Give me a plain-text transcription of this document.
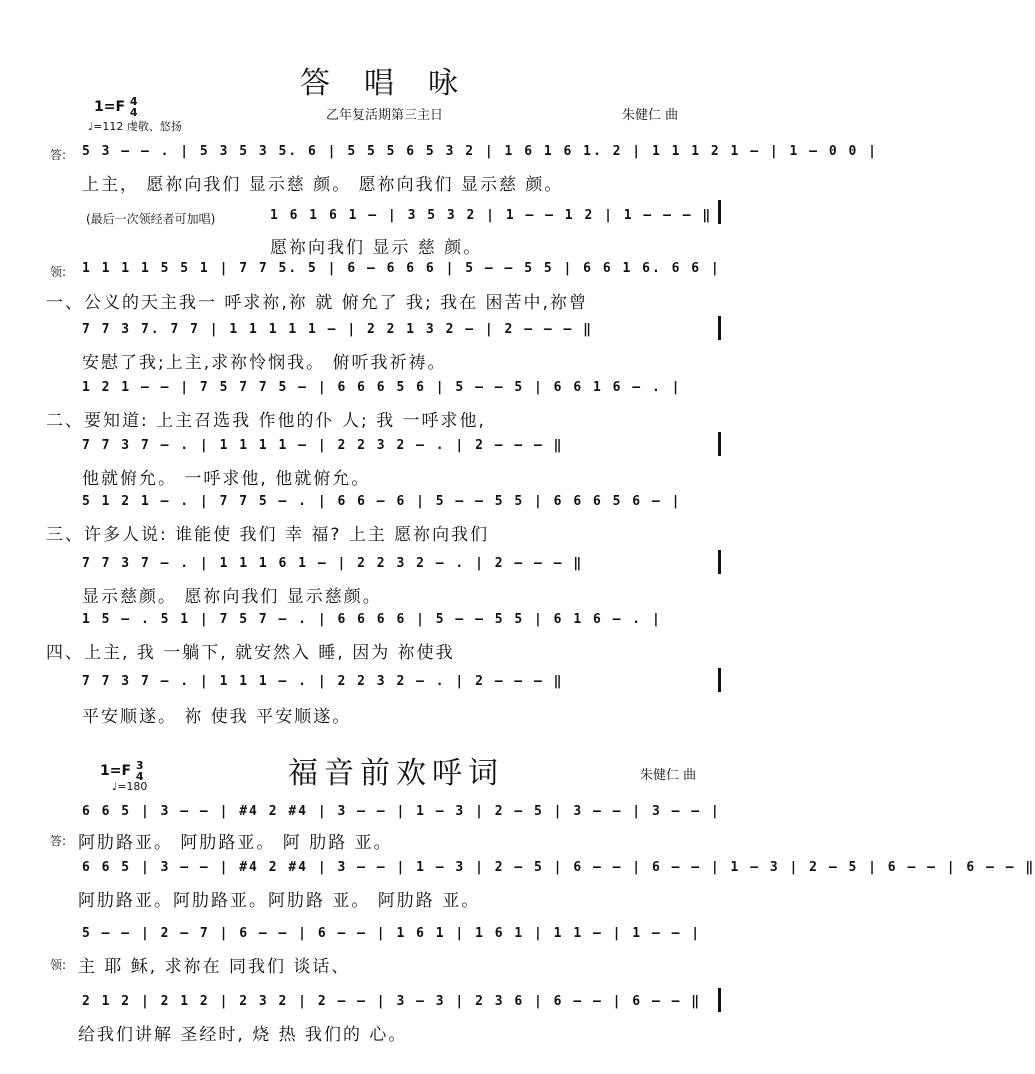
答唱咏
1=F 4
4
♩=112 虔敬、悠扬
乙年复活期第三主日	朱健仁 曲
答: 5 3 – – . | 5 3 5 3 5. 6 | 5 5 5 6 5 3 2 | 1 6 1 6 1. 2 | 1 1 1 2 1 – | 1 – 0 0 |
上主， 愿祢向我们 显示慈 颜。 愿祢向我们 显示慈 颜。
(最后一次领经者可加唱)	1 6 1 6 1 – | 3 5 3 2 | 1 – – 1 2 | 1 – – – ‖
愿祢向我们 显示 慈 颜。
领: 1 1 1 1 5 5 1 | 7 7 5. 5 | 6 – 6 6 6 | 5 – – 5 5 | 6 6 1 6. 6 6 |
一、公义的天主我一 呼求祢,祢 就 俯允了 我; 我在 困苦中,祢曾
7 7 3 7. 7 7 | 1 1 1 1 1 – | 2 2 1 3 2 – | 2 – – – ‖
安慰了我;上主,求祢怜悯我。 俯听我祈祷。
1 2 1 – – | 7 5 7 7 5 – | 6 6 6 5 6 | 5 – – 5 | 6 6 1 6 – . |
二、要知道: 上主召选我 作他的仆 人; 我 一呼求他,
7 7 3 7 – . | 1 1 1 1 – | 2 2 3 2 – . | 2 – – – ‖
他就俯允。 一呼求他, 他就俯允。
5 1 2 1 – . | 7 7 5 – . | 6 6 – 6 | 5 – – 5 5 | 6 6 6 5 6 – |
三、许多人说: 谁能使 我们 幸 福? 上主 愿祢向我们
7 7 3 7 – . | 1 1 1 6 1 – | 2 2 3 2 – . | 2 – – – ‖
显示慈颜。 愿祢向我们 显示慈颜。
1 5 – . 5 1 | 7 5 7 – . | 6 6 6 6 | 5 – – 5 5 | 6 1 6 – . |
四、上主, 我 一躺下, 就安然入 睡, 因为 祢使我
7 7 3 7 – . | 1 1 1 – . | 2 2 3 2 – . | 2 – – – ‖
平安顺遂。 祢 使我 平安顺遂。
1=F 3
4
♩=180	福音前欢呼词	朱健仁 曲
6 6 5 | 3 – – | #4 2 #4 | 3 – – | 1 – 3 | 2 – 5 | 3 – – | 3 – – |
答: 阿肋路亚。 阿肋路亚。 阿 肋路 亚。
6 6 5 | 3 – – | #4 2 #4 | 3 – – | 1 – 3 | 2 – 5 | 6 – – | 6 – – | 1 – 3 | 2 – 5 | 6 – – | 6 – – ‖
阿肋路亚。阿肋路亚。阿肋路 亚。 阿肋路 亚。
5 – – | 2 – 7 | 6 – – | 6 – – | 1 6 1 | 1 6 1 | 1 1 – | 1 – – |
领: 主 耶 稣, 求祢在 同我们 谈话、
2 1 2 | 2 1 2 | 2 3 2 | 2 – – | 3 – 3 | 2 3 6 | 6 – – | 6 – – ‖
给我们讲解 圣经时, 烧 热 我们的 心。
